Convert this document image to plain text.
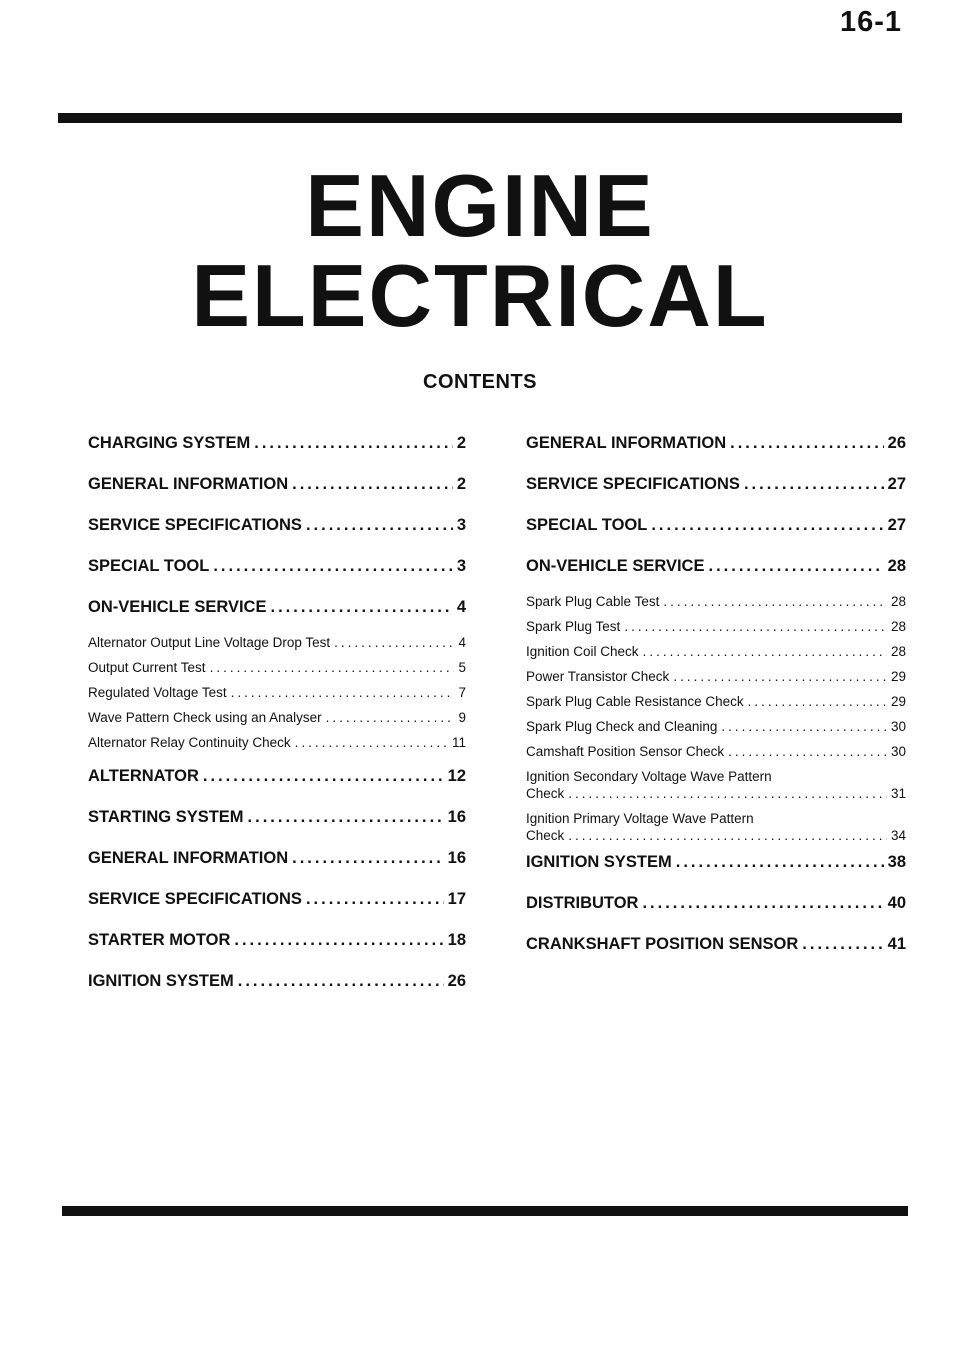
16-1
ENGINE
ELECTRICAL
CONTENTS
CHARGING SYSTEM .....	2
GENERAL INFORMATION .....	2
SERVICE SPECIFICATIONS .....	3
SPECIAL TOOL .....	3
ON-VEHICLE SERVICE .....	4
Alternator Output Line Voltage Drop Test .....	4
Output Current Test .....	5
Regulated Voltage Test .....	7
Wave Pattern Check using an Analyser .....	9
Alternator Relay Continuity Check .....	11
ALTERNATOR .....	12
STARTING SYSTEM .....	16
GENERAL INFORMATION .....	16
SERVICE SPECIFICATIONS .....	17
STARTER MOTOR .....	18
IGNITION SYSTEM .....	26
GENERAL INFORMATION .....	26
SERVICE SPECIFICATIONS .....	27
SPECIAL TOOL .....	27
ON-VEHICLE SERVICE .....	28
Spark Plug Cable Test .....	28
Spark Plug Test .....	28
Ignition Coil Check .....	28
Power Transistor Check .....	29
Spark Plug Cable Resistance Check .....	29
Spark Plug Check and Cleaning .....	30
Camshaft Position Sensor Check .....	30
Ignition Secondary Voltage Wave Pattern
Check .....	31
Ignition Primary Voltage Wave Pattern
Check .....	34
IGNITION SYSTEM .....	38
DISTRIBUTOR .....	40
CRANKSHAFT POSITION SENSOR .....	41
